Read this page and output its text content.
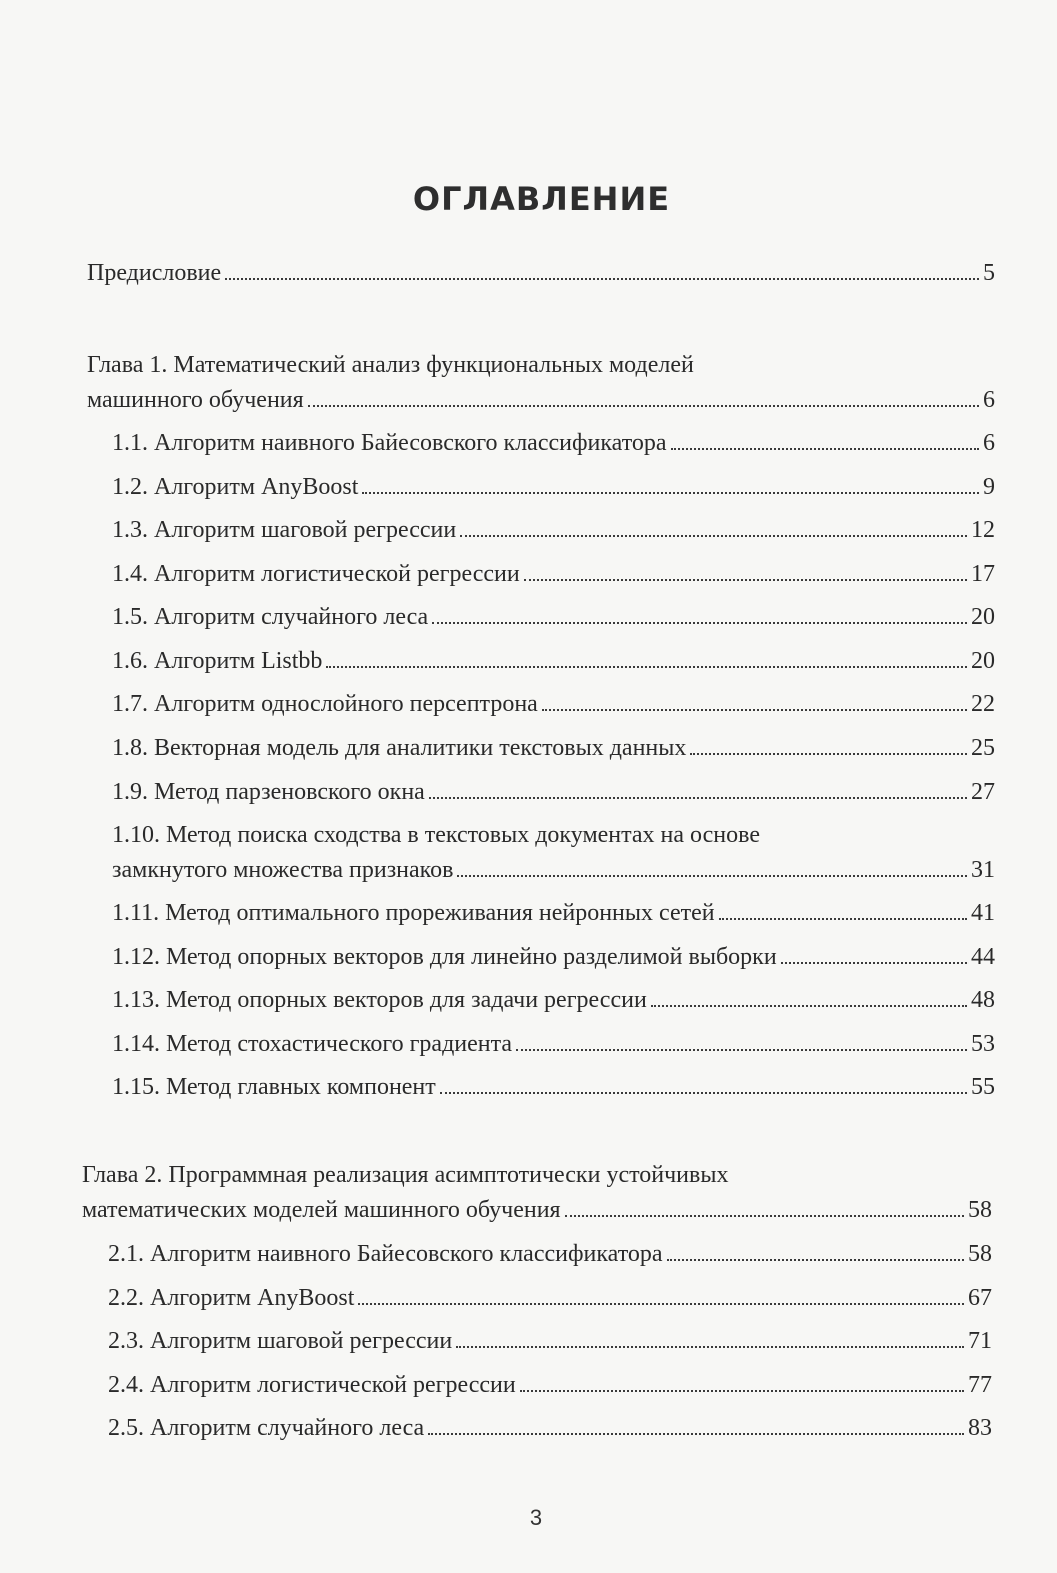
ОГЛАВЛЕНИЕ
Предисловие	5
Глава 1. Математический анализ функциональных моделей
машинного обучения	6
1.1. Алгоритм наивного Байесовского классификатора	6
1.2. Алгоритм AnyBoost	9
1.3. Алгоритм шаговой регрессии	12
1.4. Алгоритм логистической регрессии	17
1.5. Алгоритм случайного леса	20
1.6. Алгоритм Listbb	20
1.7. Алгоритм однослойного персептрона	22
1.8. Векторная модель для аналитики текстовых данных	25
1.9. Метод парзеновского окна	27
1.10. Метод поиска сходства в текстовых документах на основе
замкнутого множества признаков	31
1.11. Метод оптимального прореживания нейронных сетей	41
1.12. Метод опорных векторов для линейно разделимой выборки	44
1.13. Метод опорных векторов для задачи регрессии	48
1.14. Метод стохастического градиента	53
1.15. Метод главных компонент	55
Глава 2. Программная реализация асимптотически устойчивых
математических моделей машинного обучения	58
2.1. Алгоритм наивного Байесовского классификатора	58
2.2. Алгоритм AnyBoost	67
2.3. Алгоритм шаговой регрессии	71
2.4. Алгоритм логистической регрессии	77
2.5. Алгоритм случайного леса	83
3
